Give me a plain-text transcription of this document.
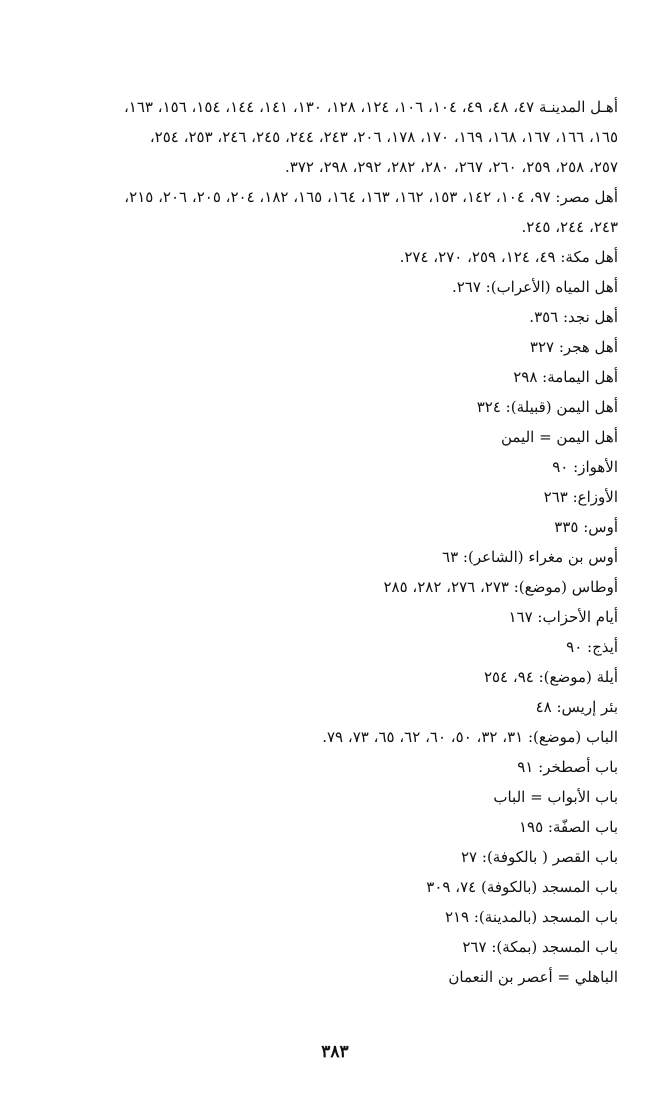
أهـل المدينـة ٤٧، ٤٨، ٤٩، ١٠٤، ١٠٦، ١٢٤، ١٢٨، ١٣٠، ١٤١، ١٤٤، ١٥٤، ١٥٦، ١٦٣،
١٦٥، ١٦٦، ١٦٧، ١٦٨، ١٦٩، ١٧٠، ١٧٨، ٢٠٦، ٢٤٣، ٢٤٤، ٢٤٥، ٢٤٦، ٢٥٣، ٢٥٤،
٢٥٧، ٢٥٨، ٢٥٩، ٢٦٠، ٢٦٧، ٢٨٠، ٢٨٢، ٢٩٢، ٢٩٨، ٣٧٢.
أهل مصر: ٩٧، ١٠٤، ١٤٢، ١٥٣، ١٦٢، ١٦٣، ١٦٤، ١٦٥، ١٨٢، ٢٠٤، ٢٠٥، ٢٠٦، ٢١٥،
٢٤٣، ٢٤٤، ٢٤٥.
أهل مكة: ٤٩، ١٢٤، ٢٥٩، ٢٧٠، ٢٧٤.
أهل المياه (الأعراب): ٢٦٧.
أهل نجد: ٣٥٦.
أهل هجر: ٣٢٧
أهل اليمامة: ٢٩٨
أهل اليمن (قبيلة): ٣٢٤
أهل اليمن = اليمن
الأهواز: ٩٠
الأوزاع: ٢٦٣
أوس: ٣٣٥
أوس بن مغراء (الشاعر): ٦٣
أوطاس (موضع): ٢٧٣، ٢٧٦، ٢٨٢، ٢٨٥
أيام الأحزاب: ١٦٧
أيذج: ٩٠
أيلة (موضع): ٩٤، ٢٥٤
بئر إريس: ٤٨
الباب (موضع): ٣١، ٣٢، ٥٠، ٦٠، ٦٢، ٦٥، ٧٣، ٧٩.
باب أصطخر: ٩١
باب الأبواب = الباب
باب الصفّة: ١٩٥
باب القصر ( بالكوفة): ٢٧
باب المسجد (بالكوفة) ٧٤، ٣٠٩
باب المسجد (بالمدينة): ٢١٩
باب المسجد (بمكة): ٢٦٧
الباهلي = أعصر بن النعمان
٣٨٣
